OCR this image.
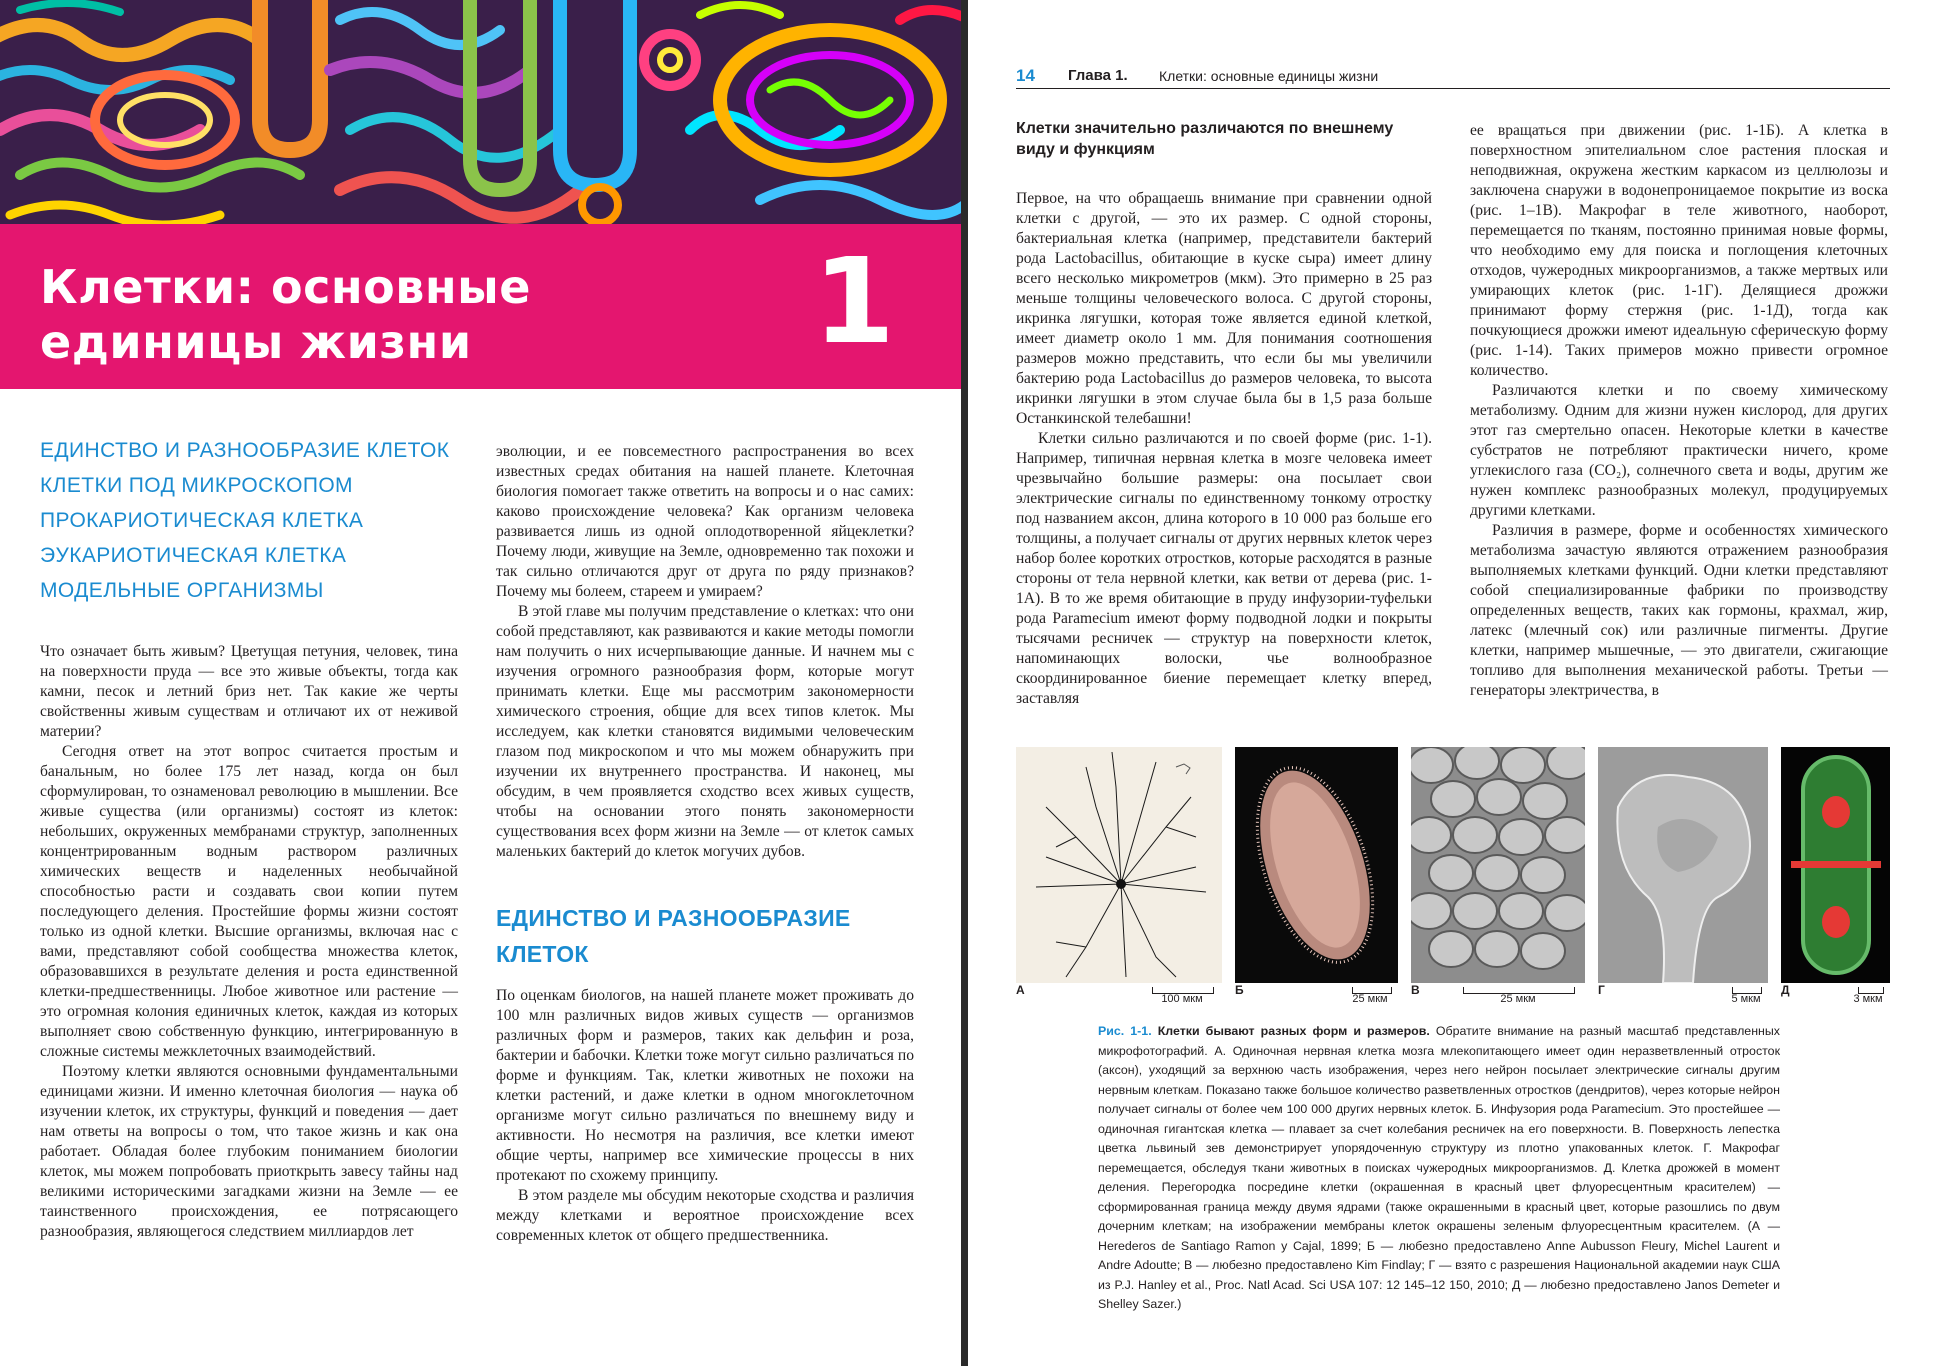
Клетки: основные единицы жизни	1
ЕДИНСТВО И РАЗНООБРАЗИЕ КЛЕТОК
КЛЕТКИ ПОД МИКРОСКОПОМ
ПРОКАРИОТИЧЕСКАЯ КЛЕТКА
ЭУКАРИОТИЧЕСКАЯ КЛЕТКА
МОДЕЛЬНЫЕ ОРГАНИЗМЫ

Что означает быть живым? Цветущая петуния, человек, тина на поверхности пруда — все это живые объекты, тогда как камни, песок и летний бриз нет. Так какие же черты свойственны живым существам и отличают их от неживой материи?

Сегодня ответ на этот вопрос считается простым и банальным, но более 175 лет назад, когда он был сформулирован, то ознаменовал революцию в мышлении. Все живые существа (или организмы) состоят из клеток: небольших, окруженных мембранами структур, заполненных концентрированным водным раствором различных химических веществ и наделенных необычайной способностью расти и создавать свои копии путем последующего деления. Простейшие формы жизни состоят только из одной клетки. Высшие организмы, включая нас с вами, представляют собой сообщества множества клеток, образовавшихся в результате деления и роста единственной клетки-предшественницы. Любое животное или растение — это огромная колония единичных клеток, каждая из которых выполняет свою собственную функцию, интегрированную в сложные системы межклеточных взаимодействий.

Поэтому клетки являются основными фундаментальными единицами жизни. И именно клеточная биология — наука об изучении клеток, их структуры, функций и поведения — дает нам ответы на вопросы о том, что такое жизнь и как она работает. Обладая более глубоким пониманием биологии клеток, мы можем попробовать приоткрыть завесу тайны над великими историческими загадками жизни на Земле — ее таинственного происхождения, ее потрясающего разнообразия, являющегося следствием миллиардов лет

эволюции, и ее повсеместного распространения во всех известных средах обитания на нашей планете. Клеточная биология помогает также ответить на вопросы и о нас самих: каково происхождение человека? Как организм человека развивается лишь из одной оплодотворенной яйцеклетки? Почему люди, живущие на Земле, одновременно так похожи и так сильно отличаются друг от друга по ряду признаков? Почему мы болеем, стареем и умираем?

В этой главе мы получим представление о клетках: что они собой представляют, как развиваются и какие методы помогли нам получить о них исчерпывающие данные. И начнем мы с изучения огромного разнообразия форм, которые могут принимать клетки. Еще мы рассмотрим закономерности химического строения, общие для всех типов клеток. Мы исследуем, как клетки становятся видимыми человеческим глазом под микроскопом и что мы можем обнаружить при изучении их внутреннего пространства. И наконец, мы обсудим, в чем проявляется сходство всех живых существ, чтобы на основании этого понять закономерности существования всех форм жизни на Земле — от клеток самых маленьких бактерий до клеток могучих дубов.

ЕДИНСТВО И РАЗНООБРАЗИЕ КЛЕТОК

По оценкам биологов, на нашей планете может проживать до 100 млн различных видов живых существ — организмов различных форм и размеров, таких как дельфин и роза, бактерии и бабочки. Клетки тоже могут сильно различаться по форме и функциям. Так, клетки животных не похожи на клетки растений, и даже клетки в одном многоклеточном организме могут сильно различаться по внешнему виду и активности. Но несмотря на различия, все клетки имеют общие черты, например все химические процессы в них протекают по схожему принципу.

В этом разделе мы обсудим некоторые сходства и различия между клетками и вероятное происхождение всех современных клеток от общего предшественника.

14 Глава 1. Клетки: основные единицы жизни
Клетки значительно различаются по внешнему виду и функциям

Первое, на что обращаешь внимание при сравнении одной клетки с другой, — это их размер. С одной стороны, бактериальная клетка (например, представители бактерий рода Lactobacillus, обитающие в куске сыра) имеет длину всего несколько микрометров (мкм). Это примерно в 25 раз меньше толщины человеческого волоса. С другой стороны, икринка лягушки, которая тоже является единой клеткой, имеет диаметр около 1 мм. Для понимания соотношения размеров можно представить, что если бы мы увеличили бактерию рода Lactobacillus до размеров человека, то высота икринки лягушки в этом случае была бы в 1,5 раза больше Останкинской телебашни!

Клетки сильно различаются и по своей форме (рис. 1-1). Например, типичная нервная клетка в мозге человека имеет чрезвычайно большие размеры: она посылает свои электрические сигналы по единственному тонкому отростку под названием аксон, длина которого в 10 000 раз больше его толщины, а получает сигналы от других нервных клеток через набор более коротких отростков, которые расходятся в разные стороны от тела нервной клетки, как ветви от дерева (рис. 1-1А). В то же время обитающие в пруду инфузории-туфельки рода Paramecium имеют форму подводной лодки и покрыты тысячами ресничек — структур на поверхности клеток, напоминающих волоски, чье волнообразное скоординированное биение перемещает клетку вперед, заставляя

ее вращаться при движении (рис. 1-1Б). А клетка в поверхностном эпителиальном слое растения плоская и неподвижная, окружена жестким каркасом из целлюлозы и заключена снаружи в водонепроницаемое покрытие из воска (рис. 1–1В). Макрофаг в теле животного, наоборот, перемещается по тканям, постоянно принимая новые формы, что необходимо ему для поиска и поглощения клеточных отходов, чужеродных микроорганизмов, а также мертвых или умирающих клеток (рис. 1-1Г). Делящиеся дрожжи принимают форму стержня (рис. 1-1Д), тогда как почкующиеся дрожжи имеют идеальную сферическую форму (рис. 1-14). Таких примеров можно привести огромное количество.

Различаются клетки и по своему химическому метаболизму. Одним для жизни нужен кислород, для других этот газ смертельно опасен. Некоторые клетки в качестве субстратов не потребляют практически ничего, кроме углекислого газа (CO₂), солнечного света и воды, другим же нужен комплекс разнообразных молекул, продуцируемых другими клетками.

Различия в размере, форме и особенностях химического метаболизма зачастую являются отражением разнообразия выполняемых клетками функций. Одни клетки представляют собой специализированные фабрики по производству определенных веществ, таких как гормоны, крахмал, жир, латекс (млечный сок) или различные пигменты. Другие клетки, например мышечные, — это двигатели, сжигающие топливо для выполнения механической работы. Третьи — генераторы электричества, в

А
100 мкм
Б
25 мкм
В
25 мкм
Г
5 мкм
Д
3 мкм
Рис. 1-1. Клетки бывают разных форм и размеров. Обратите внимание на разный масштаб представленных микрофотографий. А. Одиночная нервная клетка мозга млекопитающего имеет один неразветвленный отросток (аксон), уходящий за верхнюю часть изображения, через него нейрон посылает электрические сигналы другим нервным клеткам. Показано также большое количество разветвленных отростков (дендритов), через которые нейрон получает сигналы от более чем 100 000 других нервных клеток. Б. Инфузория рода Paramecium. Это простейшее — одиночная гигантская клетка — плавает за счет колебания ресничек на его поверхности. В. Поверхность лепестка цветка львиный зев демонстрирует упорядоченную структуру из плотно упакованных клеток. Г. Макрофаг перемещается, обследуя ткани животных в поисках чужеродных микроорганизмов. Д. Клетка дрожжей в момент деления. Перегородка посредине клетки (окрашенная в красный цвет флуоресцентным красителем) — сформированная граница между двумя ядрами (также окрашенными в красный цвет, которые разошлись по двум дочерним клеткам; на изображении мембраны клеток окрашены зеленым флуоресцентным красителем. (А — Herederos de Santiago Ramon y Cajal, 1899; Б — любезно предоставлено Anne Aubusson Fleury, Michel Laurent и Andre Adoutte; В — любезно предоставлено Kim Findlay; Г — взято с разрешения Национальной академии наук США из P.J. Hanley et al., Proc. Natl Acad. Sci USA 107: 12 145–12 150, 2010; Д — любезно предоставлено Janos Demeter и Shelley Sazer.)
